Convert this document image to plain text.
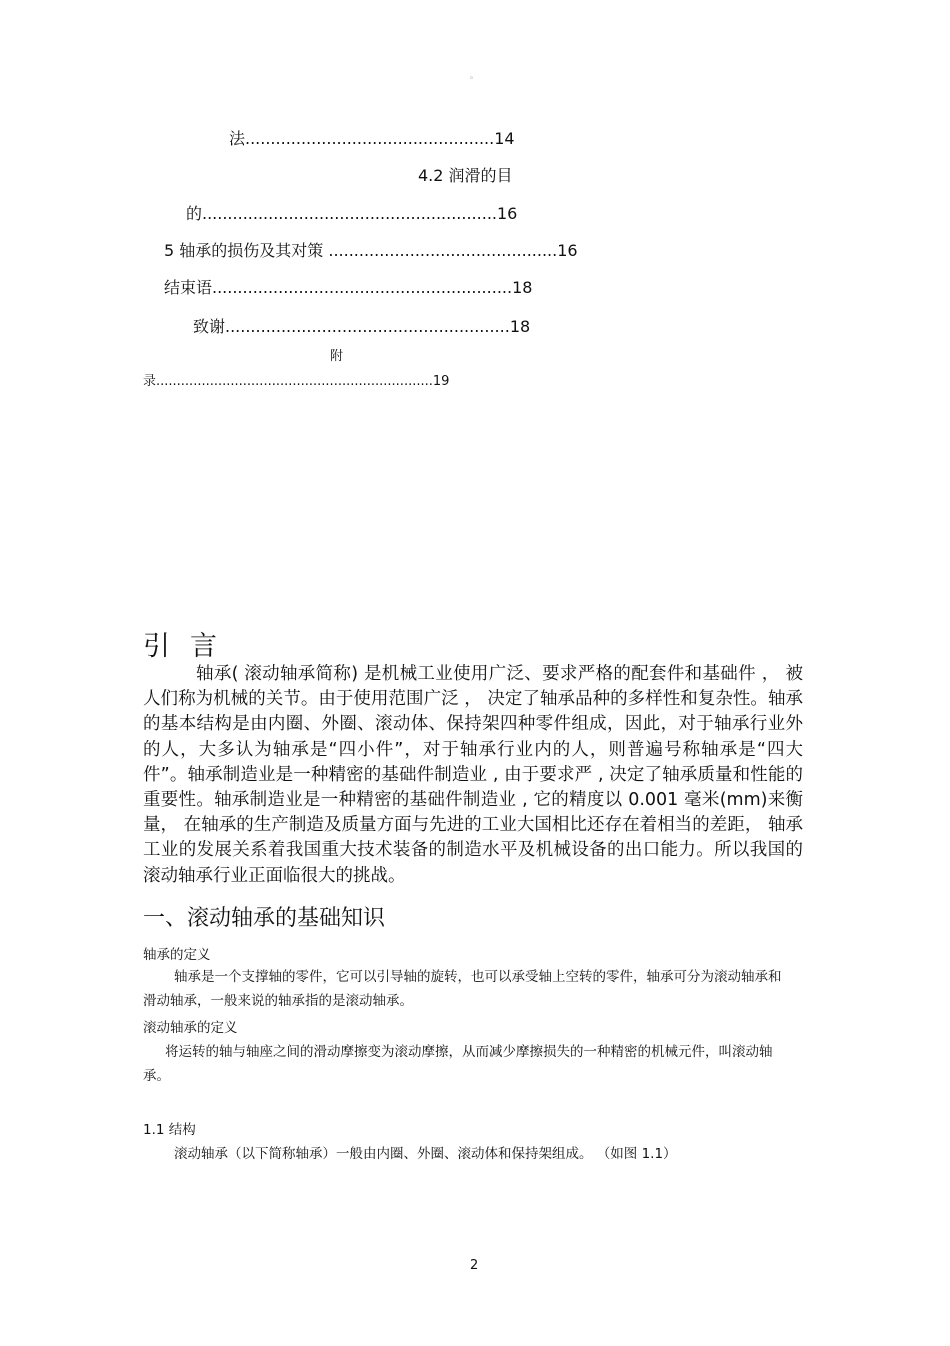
。
法.................................................14
4.2 润滑的目
的..........................................................16
5 轴承的损伤及其对策 .............................................16
结束语...........................................................18
致谢........................................................18
附
录...................................................................19
引言

轴承( 滚动轴承简称) 是机械工业使用广泛、要求严格的配套件和基础件 ， 被人们称为机械的关节。由于使用范围广泛 ， 决定了轴承品种的多样性和复杂性。轴承的基本结构是由内圈、外圈、滚动体、保持架四种零件组成，因此，对于轴承行业外的人，大多认为轴承是“四小件”，对于轴承行业内的人，则普遍号称轴承是“四大件”。轴承制造业是一种精密的基础件制造业 , 由于要求严 , 决定了轴承质量和性能的重要性。轴承制造业是一种精密的基础件制造业 , 它的精度以 0.001 毫米(mm)来衡量， 在轴承的生产制造及质量方面与先进的工业大国相比还存在着相当的差距， 轴承工业的发展关系着我国重大技术装备的制造水平及机械设备的出口能力。所以我国的滚动轴承行业正面临很大的挑战。

一、滚动轴承的基础知识
轴承的定义

轴承是一个支撑轴的零件，它可以引导轴的旋转，也可以承受轴上空转的零件，轴承可分为滚动轴承和滑动轴承，一般来说的轴承指的是滚动轴承。

滚动轴承的定义

将运转的轴与轴座之间的滑动摩擦变为滚动摩擦，从而减少摩擦损失的一种精密的机械元件，叫滚动轴承。

1.1 结构
滚动轴承（以下简称轴承）一般由内圈、外圈、滚动体和保持架组成。 （如图 1.1）
2
